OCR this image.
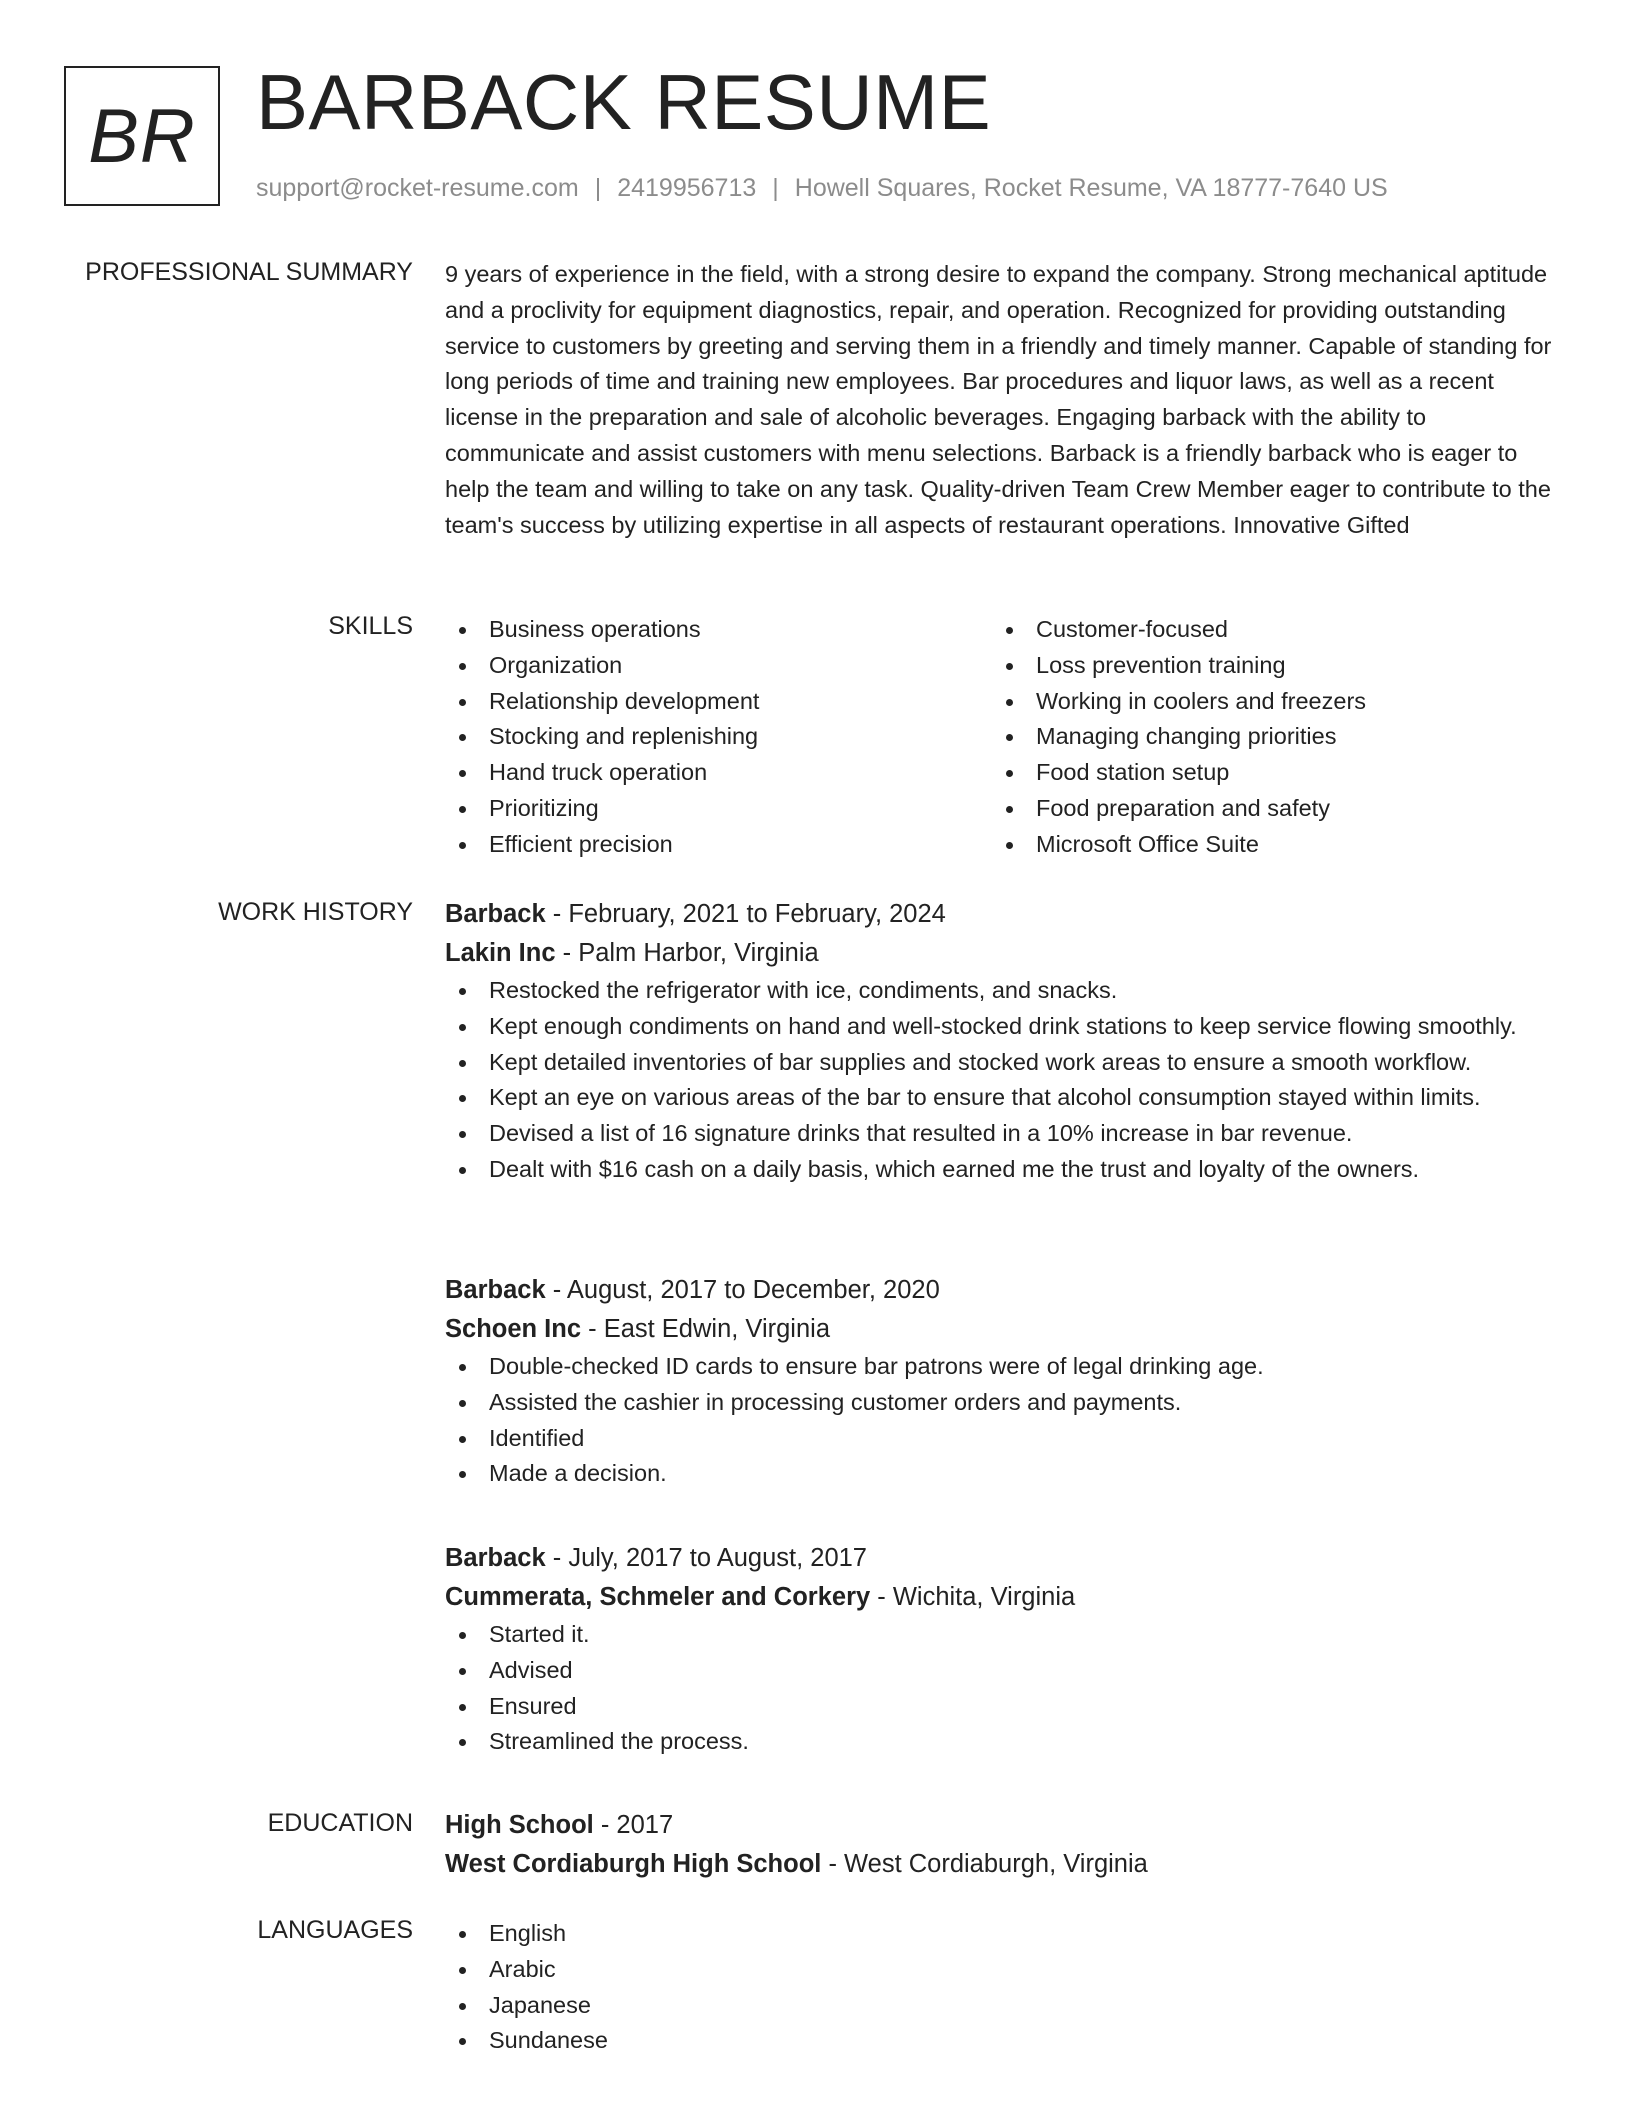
BR BARBACK RESUME
support@rocket-resume.com | 2419956713 | Howell Squares, Rocket Resume, VA 18777-7640 US
PROFESSIONAL SUMMARY 9 years of experience in the field, with a strong desire to expand the company. Strong mechanical aptitude and a proclivity for equipment diagnostics, repair, and operation. Recognized for providing outstanding service to customers by greeting and serving them in a friendly and timely manner. Capable of standing for long periods of time and training new employees. Bar procedures and liquor laws, as well as a recent license in the preparation and sale of alcoholic beverages. Engaging barback with the ability to communicate and assist customers with menu selections. Barback is a friendly barback who is eager to help the team and willing to take on any task. Quality-driven Team Crew Member eager to contribute to the team's success by utilizing expertise in all aspects of restaurant operations. Innovative Gifted

SKILLS	Business operations
Organization
Relationship development
Stocking and replenishing
Hand truck operation
Prioritizing
Efficient precision
Customer-focused
Loss prevention training
Working in coolers and freezers
Managing changing priorities
Food station setup
Food preparation and safety
Microsoft Office Suite
WORK HISTORY Barback - February, 2021 to February, 2024
Lakin Inc - Palm Harbor, Virginia
Restocked the refrigerator with ice, condiments, and snacks.
Kept enough condiments on hand and well-stocked drink stations to keep service flowing smoothly.
Kept detailed inventories of bar supplies and stocked work areas to ensure a smooth workflow.
Kept an eye on various areas of the bar to ensure that alcohol consumption stayed within limits.
Devised a list of 16 signature drinks that resulted in a 10% increase in bar revenue.
Dealt with $16 cash on a daily basis, which earned me the trust and loyalty of the owners.
Barback - August, 2017 to December, 2020
Schoen Inc - East Edwin, Virginia
Double-checked ID cards to ensure bar patrons were of legal drinking age.
Assisted the cashier in processing customer orders and payments.
Identified
Made a decision.
Barback - July, 2017 to August, 2017
Cummerata, Schmeler and Corkery - Wichita, Virginia
Started it.
Advised
Ensured
Streamlined the process.
EDUCATION High School - 2017
West Cordiaburgh High School - West Cordiaburgh, Virginia
LANGUAGES	English
Arabic
Japanese
Sundanese
